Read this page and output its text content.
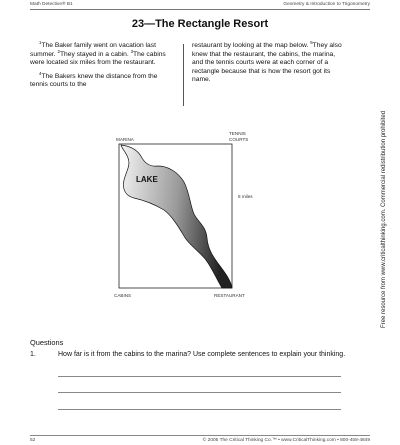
Math Detective® B1	Geometry & Introduction to Trigonometry
23—The Rectangle Resort

$^1$The Baker family went on vacation last summer. $^2$They stayed in a cabin. $^3$The cabins were located six miles from the restaurant.

$^4$The Bakers knew the distance from the tennis courts to the

restaurant by looking at the map below. $^5$They also knew that the restaurant, the cabins, the marina, and the tennis courts were at each corner of a rectangle because that is how the resort got its name.

MARINA
TENNIS
COURTS
LAKE
8 miles
CABINS	RESTAURANT
Questions
1.	How far is it from the cabins to the marina? Use complete sentences to explain your thinking.
52	© 2005 The Critical Thinking Co.™ • www.CriticalThinking.com • 800-458-4849
Free resource from www.criticalthinking.com. Commercial redistribution prohibited
